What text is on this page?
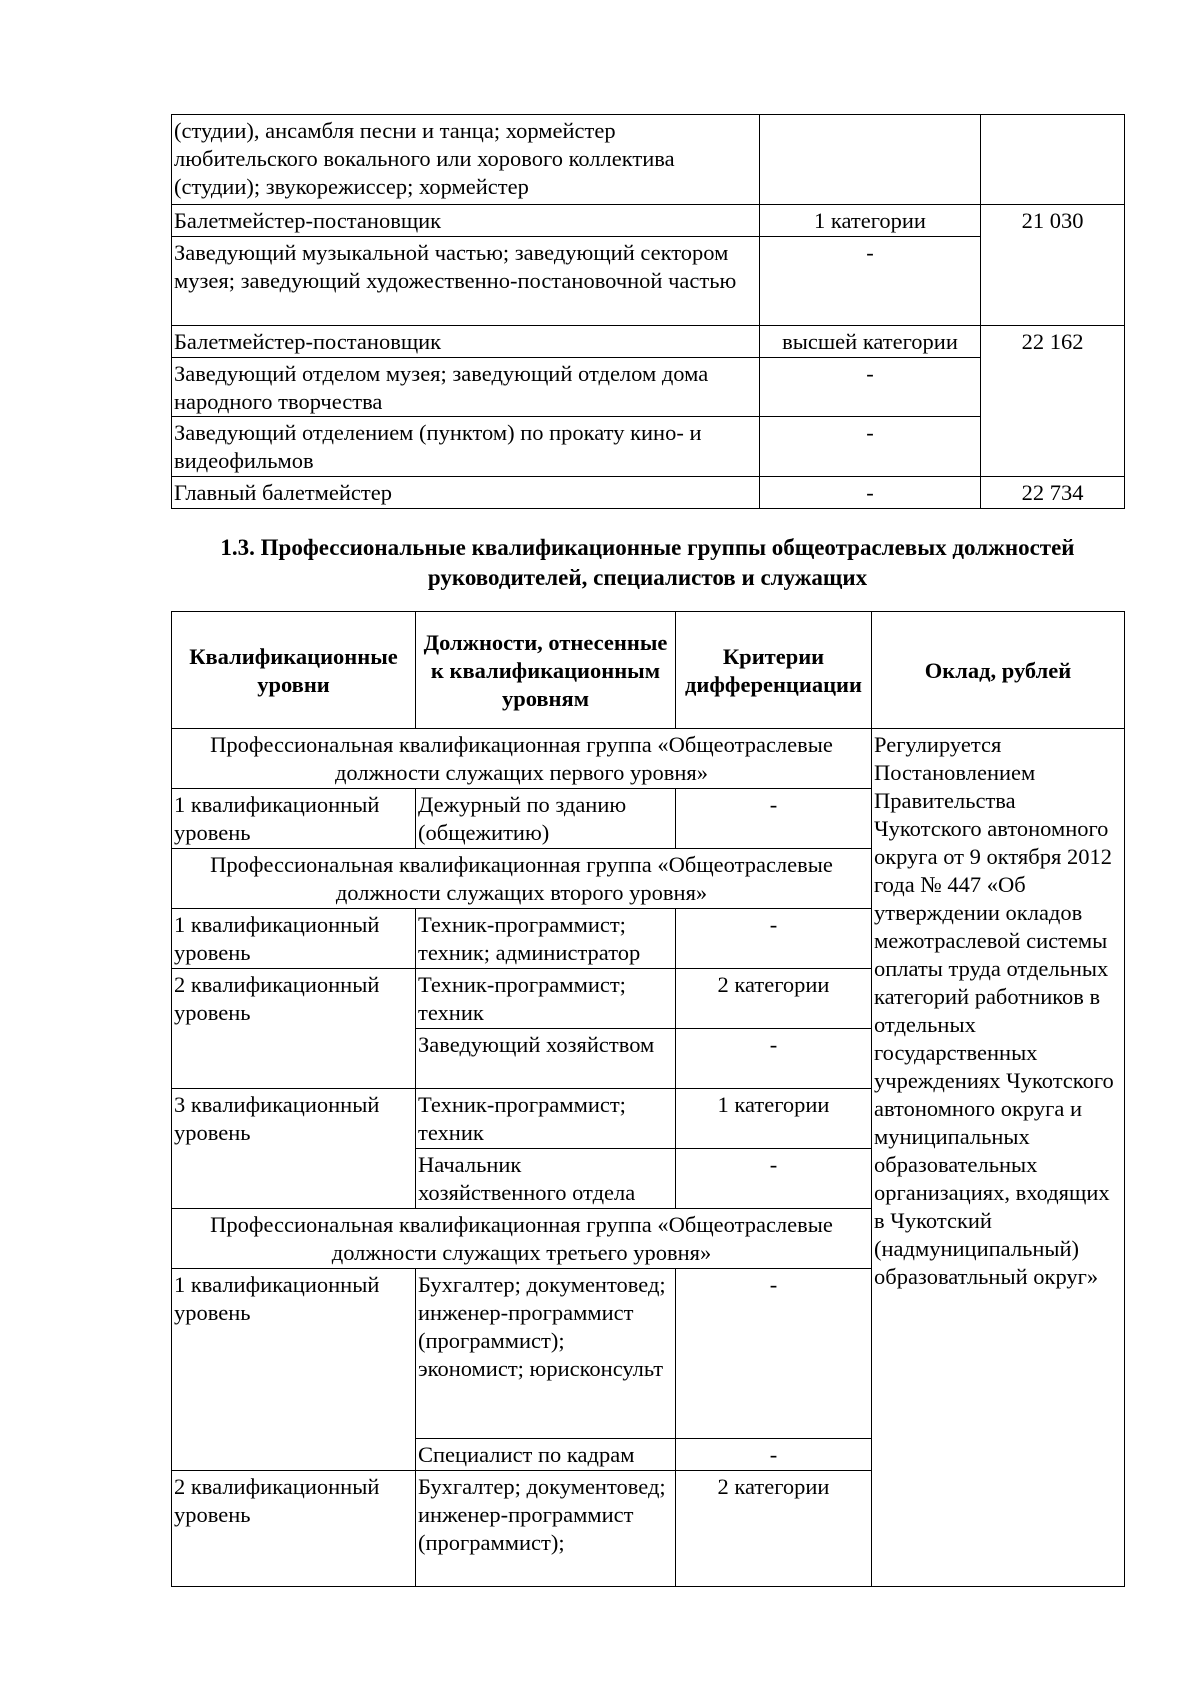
(студии), ансамбля песни и танца; хормейстер любительского вокального или хорового коллектива (студии); звукорежиссер; хормейстер		
Балетмейстер-постановщик	1 категории	21 030
Заведующий музыкальной частью; заведующий сектором музея; заведующий художественно-постановочной частью	-	
Балетмейстер-постановщик	высшей категории	22 162
Заведующий отделом музея; заведующий отделом дома народного творчества	-	
Заведующий отделением (пунктом) по прокату кино- и видеофильмов	-	
Главный балетмейстер	-	22 734
1.3. Профессиональные квалификационные группы общеотраслевых должностей
руководителей, специалистов и служащих
Квалификационные уровни	Должности, отнесенные к квалификационным уровням	Критерии дифференциации	Оклад, рублей
Профессиональная квалификационная группа «Общеотраслевые должности служащих первого уровня»			Регулируется Постановлением Правительства Чукотского автономного округа от 9 октября 2012 года № 447 «Об утверждении окладов межотраслевой системы оплаты труда отдельных категорий работников в отдельных государственных учреждениях Чукотского автономного округа и муниципальных образовательных организациях, входящих в Чукотский (надмуниципальный) образоватльный округ»
1 квалификационный уровень	Дежурный по зданию (общежитию)	-	
Профессиональная квалификационная группа «Общеотраслевые должности служащих второго уровня»			
1 квалификационный уровень	Техник-программист; техник; администратор	-	
2 квалификационный уровень	Техник-программист; техник	2 категории	
	Заведующий хозяйством	-	
3 квалификационный уровень	Техник-программист; техник	1 категории	
	Начальник хозяйственного отдела	-	
Профессиональная квалификационная группа «Общеотраслевые должности служащих третьего уровня»			
1 квалификационный уровень	Бухгалтер; документовед; инженер-программист (программист); экономист; юрисконсульт	-	
	Специалист по кадрам	-	
2 квалификационный уровень	Бухгалтер; документовед; инженер-программист (программист);	2 категории	
